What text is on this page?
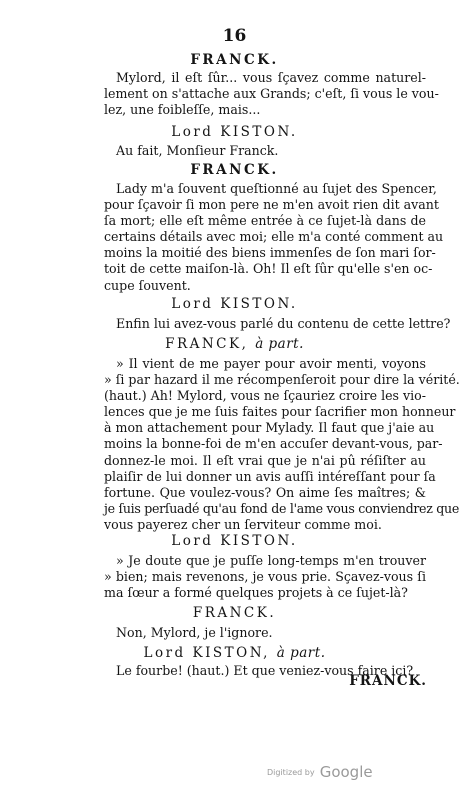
16
FRANCK.
Mylord, il eſt ſûr... vous ſçavez comme naturel-
lement on s'attache aux Grands; c'eſt, ſi vous le vou-
lez, une foibleſſe, mais...
Lord KISTON.
Au fait, Monſieur Franck.
FRANCK.
Lady m'a ſouvent queſtionné au ſujet des Spencer,
pour ſçavoir ſi mon pere ne m'en avoit rien dit avant
ſa mort; elle eſt même entrée à ce ſujet-là dans de
certains détails avec moi; elle m'a conté comment au
moins la moitié des biens immenſes de ſon mari ſor-
toit de cette maiſon-là. Oh! Il eſt ſûr qu'elle s'en oc-
cupe ſouvent.
Lord KISTON.
Enfin lui avez-vous parlé du contenu de cette lettre?
FRANCK, à part.
» Il vient de me payer pour avoir menti, voyons
» ſi par hazard il me récompenſeroit pour dire la vérité.
(haut.) Ah! Mylord, vous ne ſçauriez croire les vio-
lences que je me ſuis faites pour ſacrifier mon honneur
à mon attachement pour Mylady. Il faut que j'aie au
moins la bonne-foi de m'en accuſer devant-vous, par-
donnez-le moi. Il eſt vrai que je n'ai pû réſiſter au
plaiſir de lui donner un avis auſſi intéreſſant pour ſa
fortune. Que voulez-vous? On aime ſes maîtres; &
je ſuis perſuadé qu'au fond de l'ame vous conviendrez que
vous payerez cher un ſerviteur comme moi.
Lord KISTON.
» Je doute que je puſſe long-temps m'en trouver
» bien; mais revenons, je vous prie. Sçavez-vous ſi
ma ſœur a formé quelques projets à ce ſujet-là?
FRANCK.
Non, Mylord, je l'ignore.
Lord KISTON, à part.
Le fourbe! (haut.) Et que veniez-vous faire ici?
FRANCK.
Digitized by Google
